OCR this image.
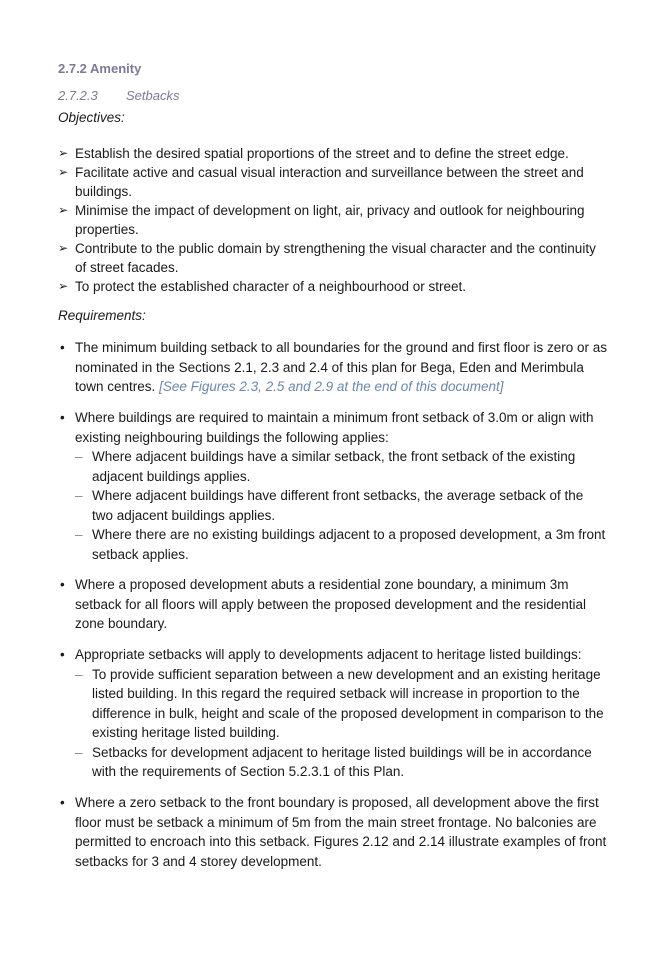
2.7.2 Amenity
2.7.2.3 Setbacks
Objectives:
➢ Establish the desired spatial proportions of the street and to define the street edge.
➢ Facilitate active and casual visual interaction and surveillance between the street and buildings.
➢ Minimise the impact of development on light, air, privacy and outlook for neighbouring properties.
➢ Contribute to the public domain by strengthening the visual character and the continuity of street facades.
➢ To protect the established character of a neighbourhood or street.
Requirements:
• The minimum building setback to all boundaries for the ground and first floor is zero or as nominated in the Sections 2.1, 2.3 and 2.4 of this plan for Bega, Eden and Merimbula town centres. [See Figures 2.3, 2.5 and 2.9 at the end of this document]
• Where buildings are required to maintain a minimum front setback of 3.0m or align with existing neighbouring buildings the following applies:
– Where adjacent buildings have a similar setback, the front setback of the existing adjacent buildings applies.
– Where adjacent buildings have different front setbacks, the average setback of the two adjacent buildings applies.
– Where there are no existing buildings adjacent to a proposed development, a 3m front setback applies.
• Where a proposed development abuts a residential zone boundary, a minimum 3m setback for all floors will apply between the proposed development and the residential zone boundary.
• Appropriate setbacks will apply to developments adjacent to heritage listed buildings:
– To provide sufficient separation between a new development and an existing heritage listed building. In this regard the required setback will increase in proportion to the difference in bulk, height and scale of the proposed development in comparison to the existing heritage listed building.
– Setbacks for development adjacent to heritage listed buildings will be in accordance with the requirements of Section 5.2.3.1 of this Plan.
• Where a zero setback to the front boundary is proposed, all development above the first floor must be setback a minimum of 5m from the main street frontage. No balconies are permitted to encroach into this setback. Figures 2.12 and 2.14 illustrate examples of front setbacks for 3 and 4 storey development.
